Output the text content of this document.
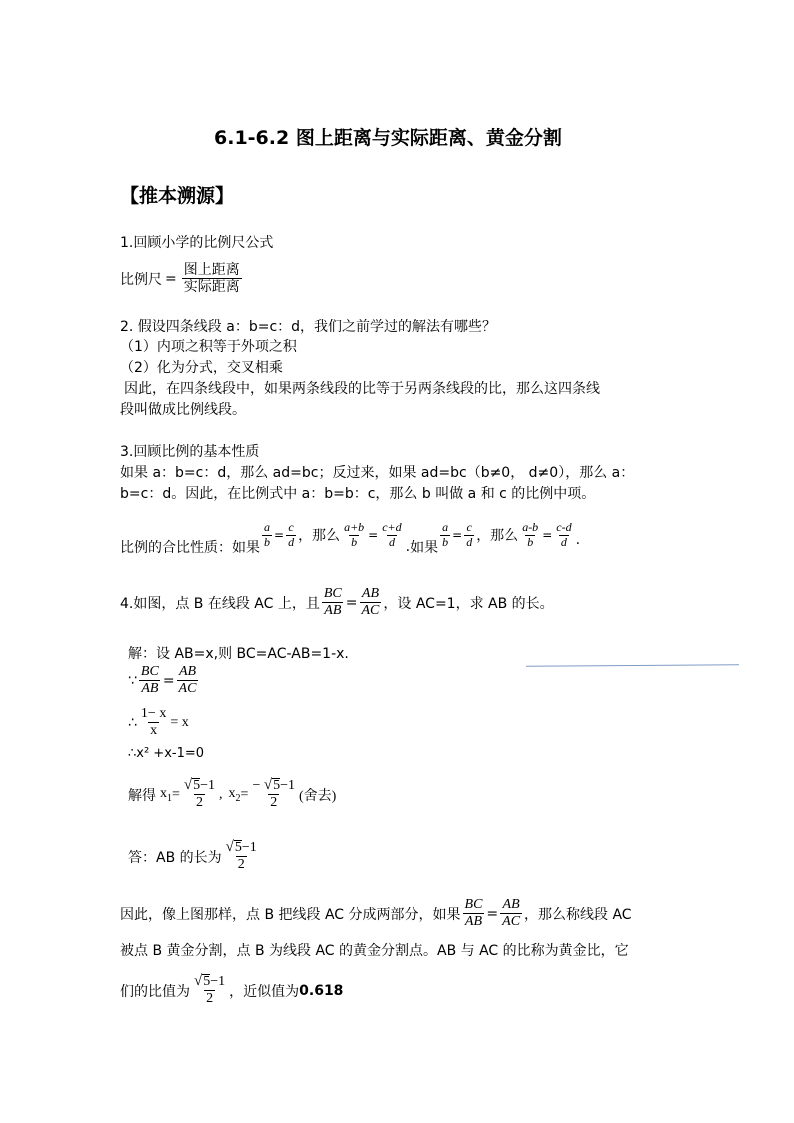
6.1-6.2 图上距离与实际距离、黄金分割
【推本溯源】
1.回顾小学的比例尺公式
比例尺 = $\frac{\text{图上距离}}{\text{实际距离}}$
2. 假设四条线段 a：b=c：d，我们之前学过的解法有哪些？
（1）内项之积等于外项之积
（2）化为分式，交叉相乘
因此，在四条线段中，如果两条线段的比等于另两条线段的比，那么这四条线
段叫做成比例线段。
3.回顾比例的基本性质
如果 a：b=c：d，那么 ad=bc；反过来，如果 ad=bc（b≠0， d≠0），那么 a：
b=c：d。因此，在比例式中 a：b=b：c，那么 b 叫做 a 和 c 的比例中项。
比例的合比性质：如果 $\frac{a}{b} = \frac{c}{d}$ ，那么 $\frac{a+b}{b} = \frac{c+d}{d}$ . 如果 $\frac{a}{b} = \frac{c}{d}$ ，那么 $\frac{a-b}{b} = \frac{c-d}{d}$ .
4.如图，点 B 在线段 AC 上，且 $\frac{BC}{AB} = \frac{AB}{AC}$ ，设 AC=1，求 AB 的长。
解：设 AB=x,则 BC=AC-AB=1-x.
∵ $\frac{BC}{AB} = \frac{AB}{AC}$
∴ $\frac{1- x}{x} = x$
∴x² +x-1=0
解得 $x_1 = \frac{√ 5 -1}{2}$ , $x_2 = \frac{- √ 5 -1}{2}$ (舍去)
答：AB 的长为 $\frac{√ 5 -1}{2}$
因此，像上图那样，点 B 把线段 AC 分成两部分，如果 $\frac{BC}{AB} = \frac{AB}{AC}$ ，那么称线段 AC
被点 B 黄金分割，点 B 为线段 AC 的黄金分割点。AB 与 AC 的比称为黄金比，它
们的比值为 $\frac{√ 5 -1}{2}$ ，近似值为 0.618
